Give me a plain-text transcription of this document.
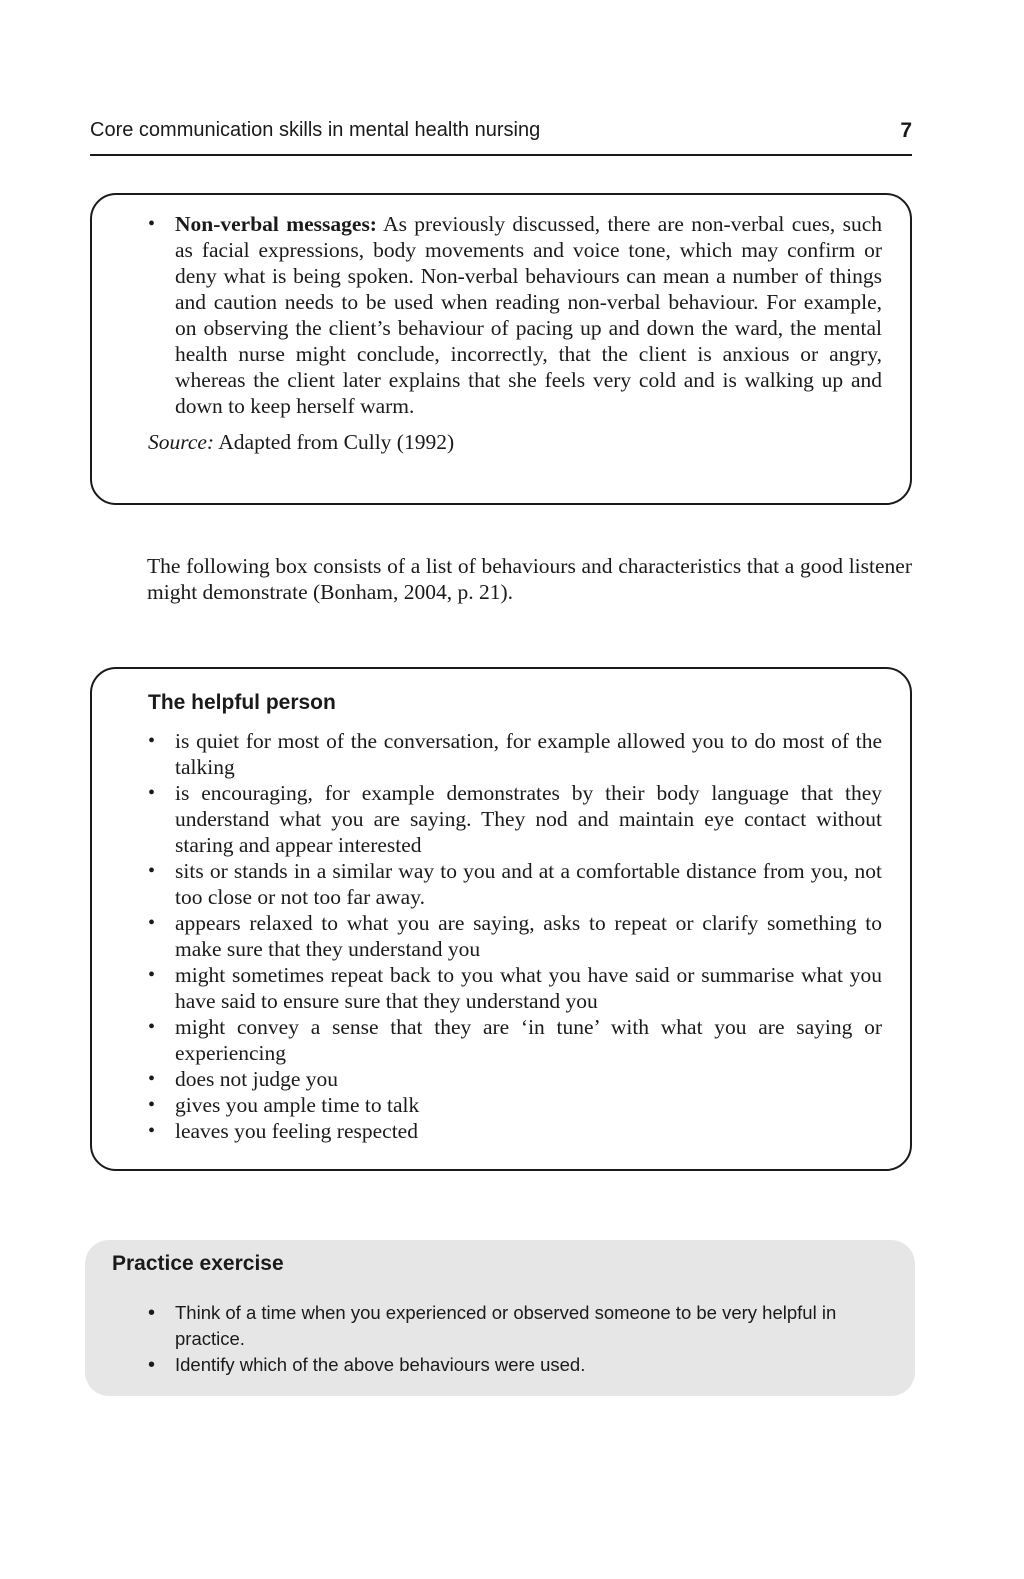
Core communication skills in mental health nursing	7
• Non-verbal messages: As previously discussed, there are non-verbal cues, such as facial expressions, body movements and voice tone, which may confirm or deny what is being spoken. Non-verbal behaviours can mean a number of things and caution needs to be used when reading non-verbal behaviour. For example, on observing the client’s behaviour of pacing up and down the ward, the mental health nurse might conclude, incorrectly, that the client is anxious or angry, whereas the client later explains that she feels very cold and is walking up and down to keep herself warm.
Source: Adapted from Cully (1992)
The following box consists of a list of behaviours and characteristics that a good listener might demonstrate (Bonham, 2004, p. 21).
The helpful person
• is quiet for most of the conversation, for example allowed you to do most of the talking
• is encouraging, for example demonstrates by their body language that they understand what you are saying. They nod and maintain eye contact without staring and appear interested
• sits or stands in a similar way to you and at a comfortable distance from you, not too close or not too far away.
• appears relaxed to what you are saying, asks to repeat or clarify something to make sure that they understand you
• might sometimes repeat back to you what you have said or summarise what you have said to ensure sure that they understand you
• might convey a sense that they are ‘in tune’ with what you are saying or experiencing
• does not judge you
• gives you ample time to talk
• leaves you feeling respected
Practice exercise
• Think of a time when you experienced or observed someone to be very helpful in practice.
• Identify which of the above behaviours were used.
